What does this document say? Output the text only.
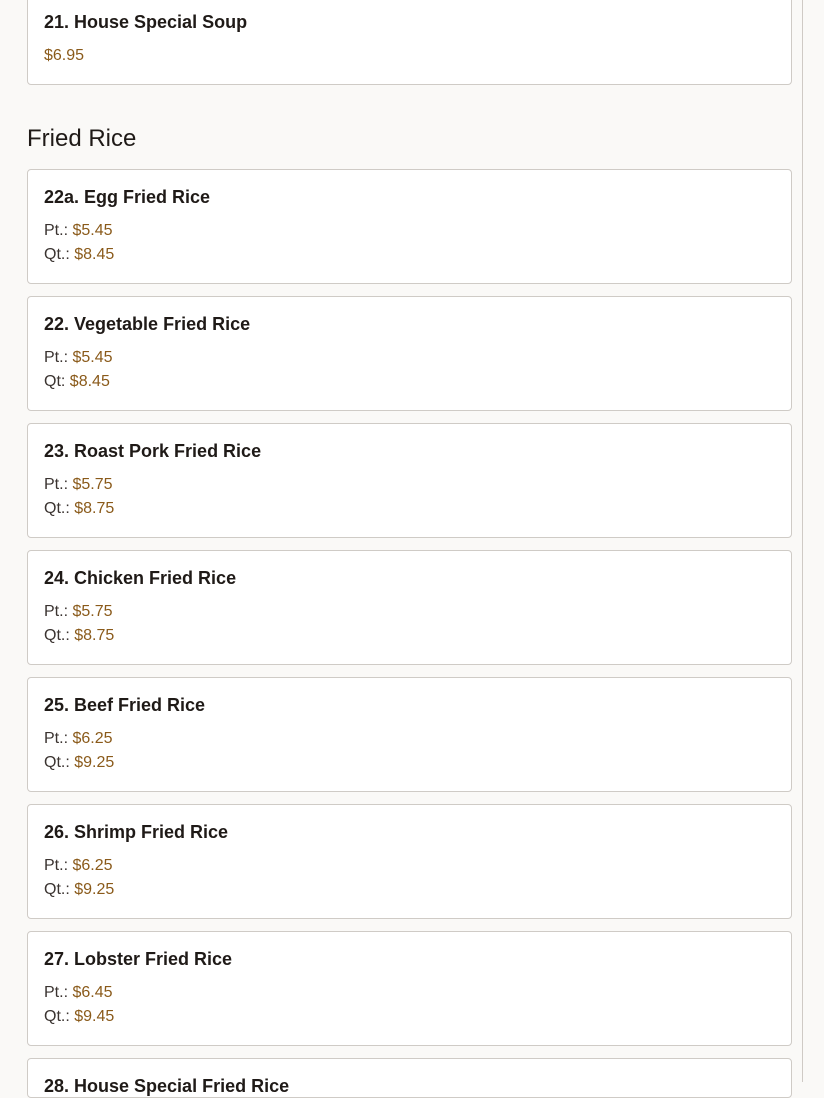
21. House Special Soup
$6.95
Fried Rice
22a. Egg Fried Rice
Pt.: $5.45
Qt.: $8.45
22. Vegetable Fried Rice
Pt.: $5.45
Qt: $8.45
23. Roast Pork Fried Rice
Pt.: $5.75
Qt.: $8.75
24. Chicken Fried Rice
Pt.: $5.75
Qt.: $8.75
25. Beef Fried Rice
Pt.: $6.25
Qt.: $9.25
26. Shrimp Fried Rice
Pt.: $6.25
Qt.: $9.25
27. Lobster Fried Rice
Pt.: $6.45
Qt.: $9.45
28. House Special Fried Rice
